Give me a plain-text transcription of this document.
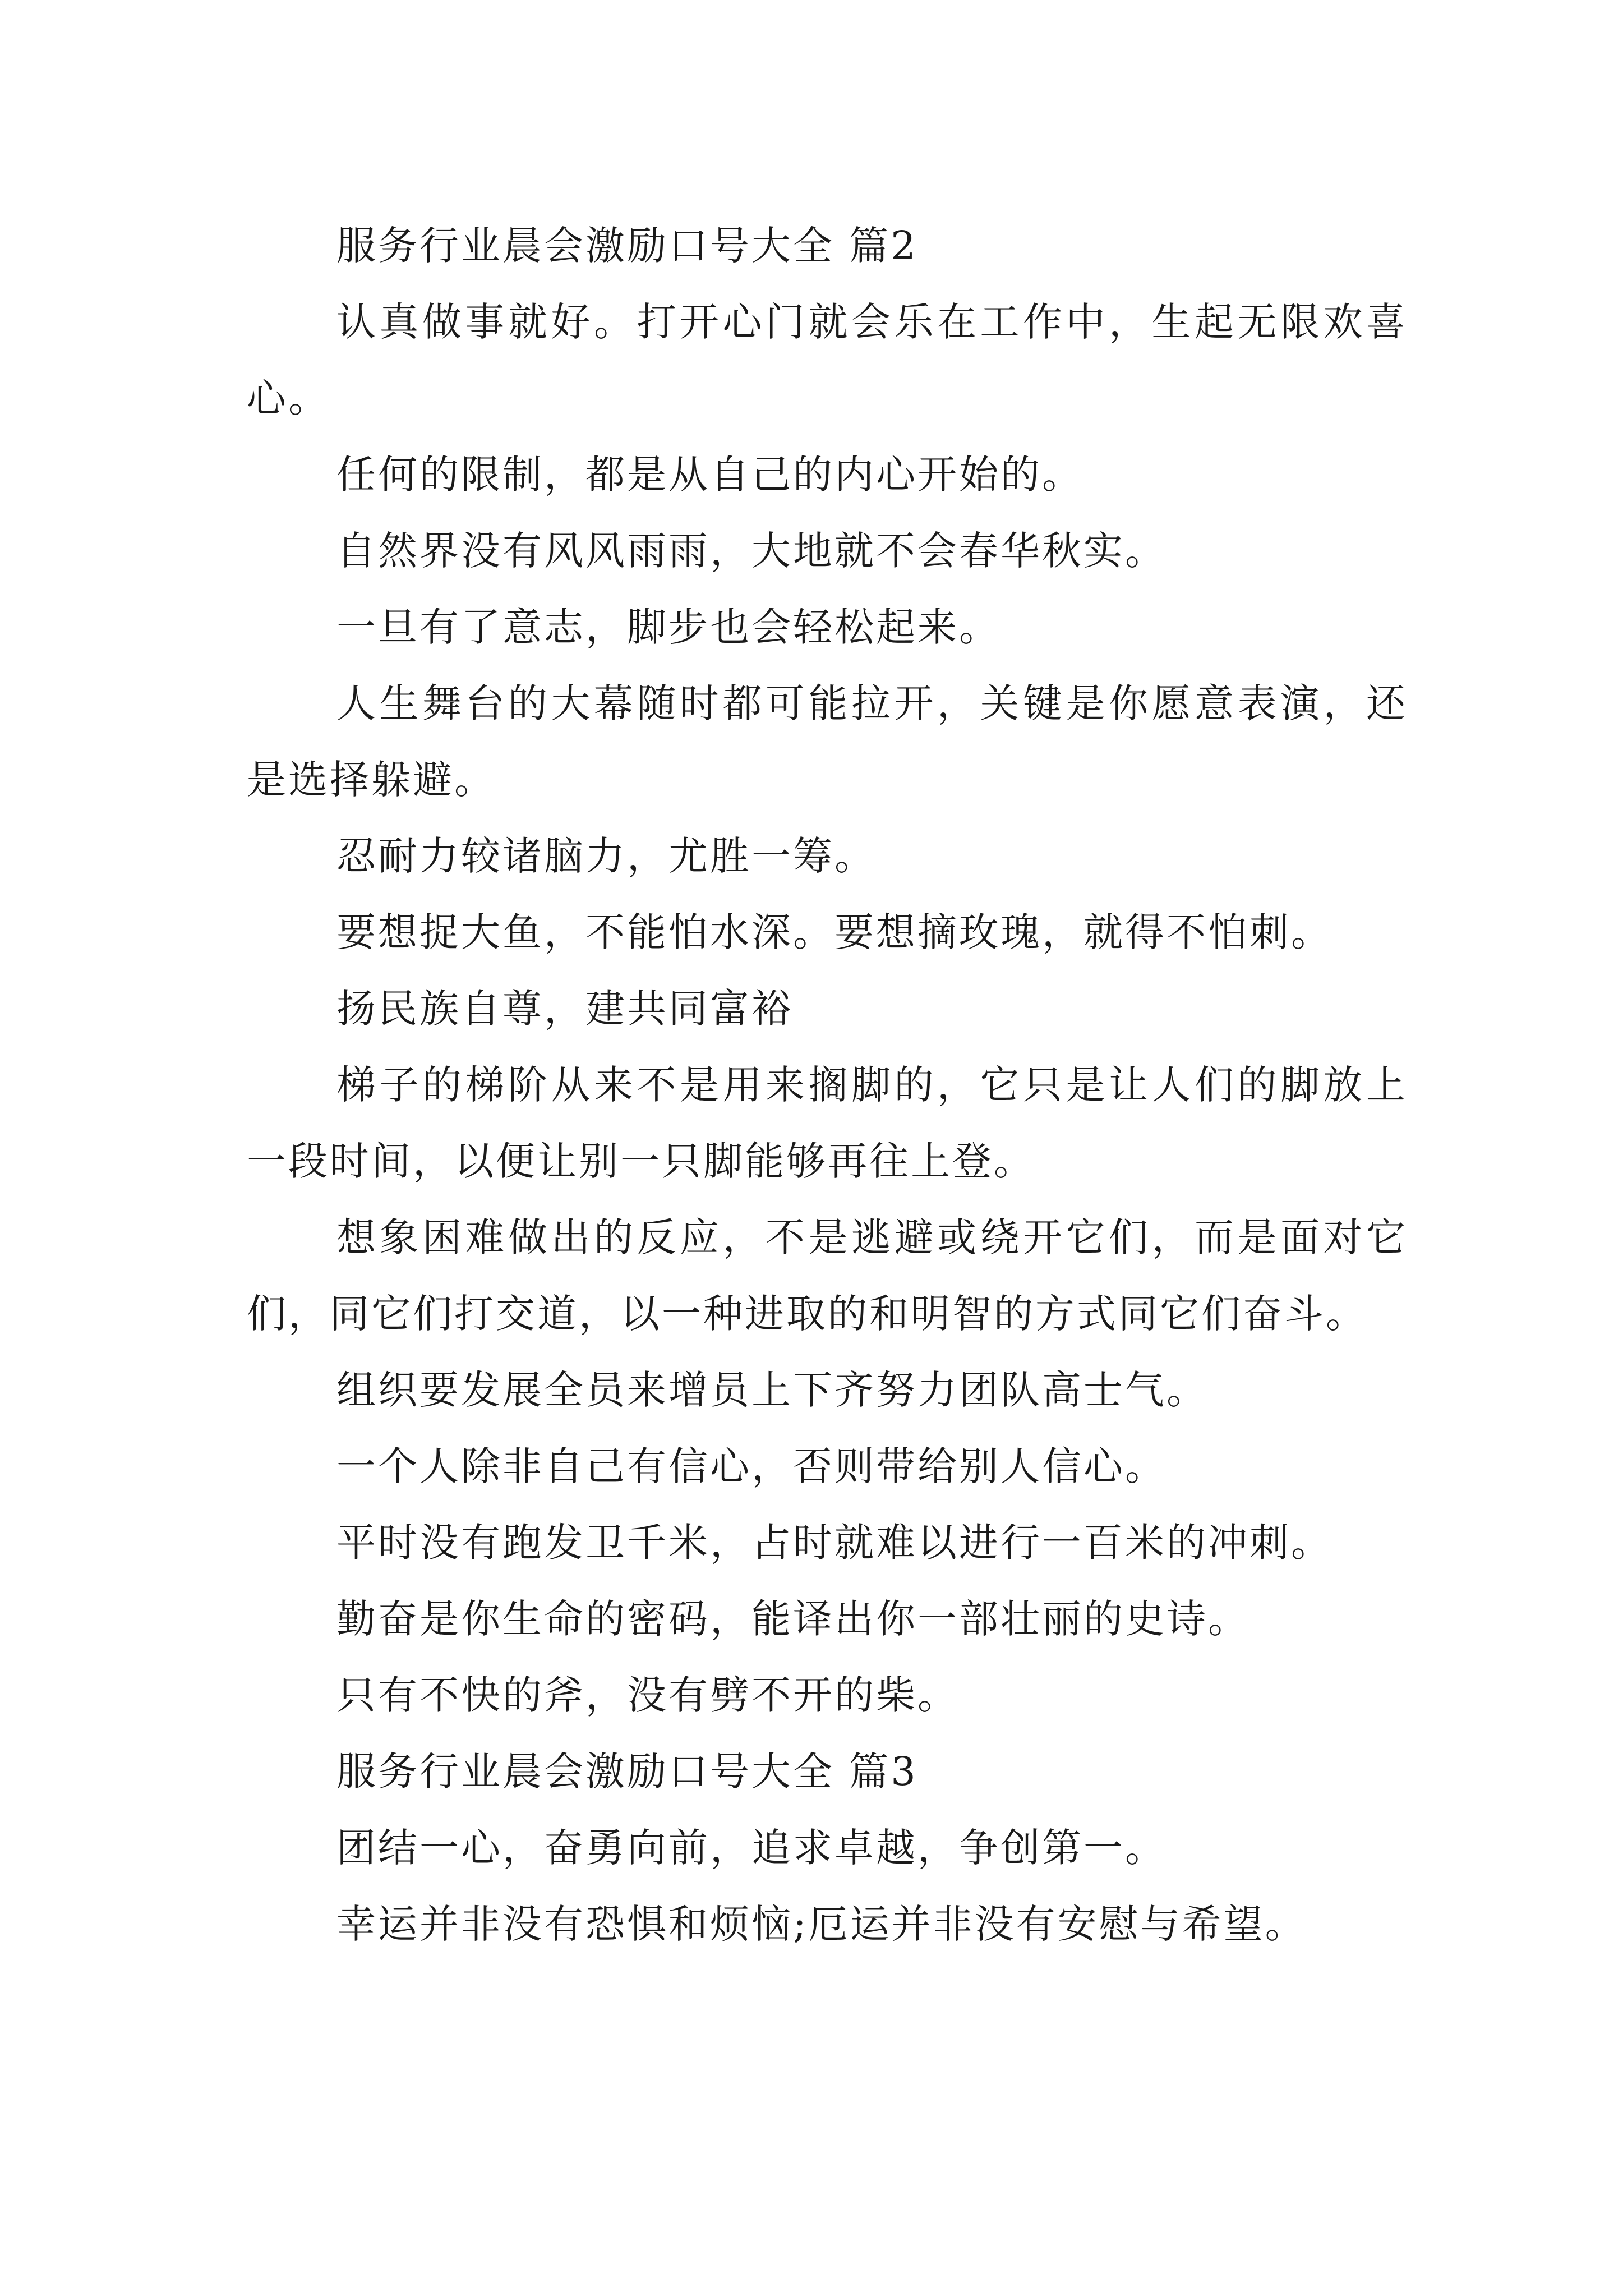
服务行业晨会激励口号大全 篇2

认真做事就好。打开心门就会乐在工作中，生起无限欢喜心。

任何的限制，都是从自己的内心开始的。

自然界没有风风雨雨，大地就不会春华秋实。

一旦有了意志，脚步也会轻松起来。

人生舞台的大幕随时都可能拉开，关键是你愿意表演，还是选择躲避。

忍耐力较诸脑力，尤胜一筹。

要想捉大鱼，不能怕水深。要想摘玫瑰，就得不怕刺。

扬民族自尊，建共同富裕

梯子的梯阶从来不是用来搁脚的，它只是让人们的脚放上一段时间，以便让别一只脚能够再往上登。

想象困难做出的反应，不是逃避或绕开它们，而是面对它们，同它们打交道，以一种进取的和明智的方式同它们奋斗。

组织要发展全员来增员上下齐努力团队高士气。

一个人除非自己有信心，否则带给别人信心。

平时没有跑发卫千米，占时就难以进行一百米的冲刺。

勤奋是你生命的密码，能译出你一部壮丽的史诗。

只有不快的斧，没有劈不开的柴。

服务行业晨会激励口号大全 篇3

团结一心，奋勇向前，追求卓越，争创第一。

幸运并非没有恐惧和烦恼;厄运并非没有安慰与希望。
